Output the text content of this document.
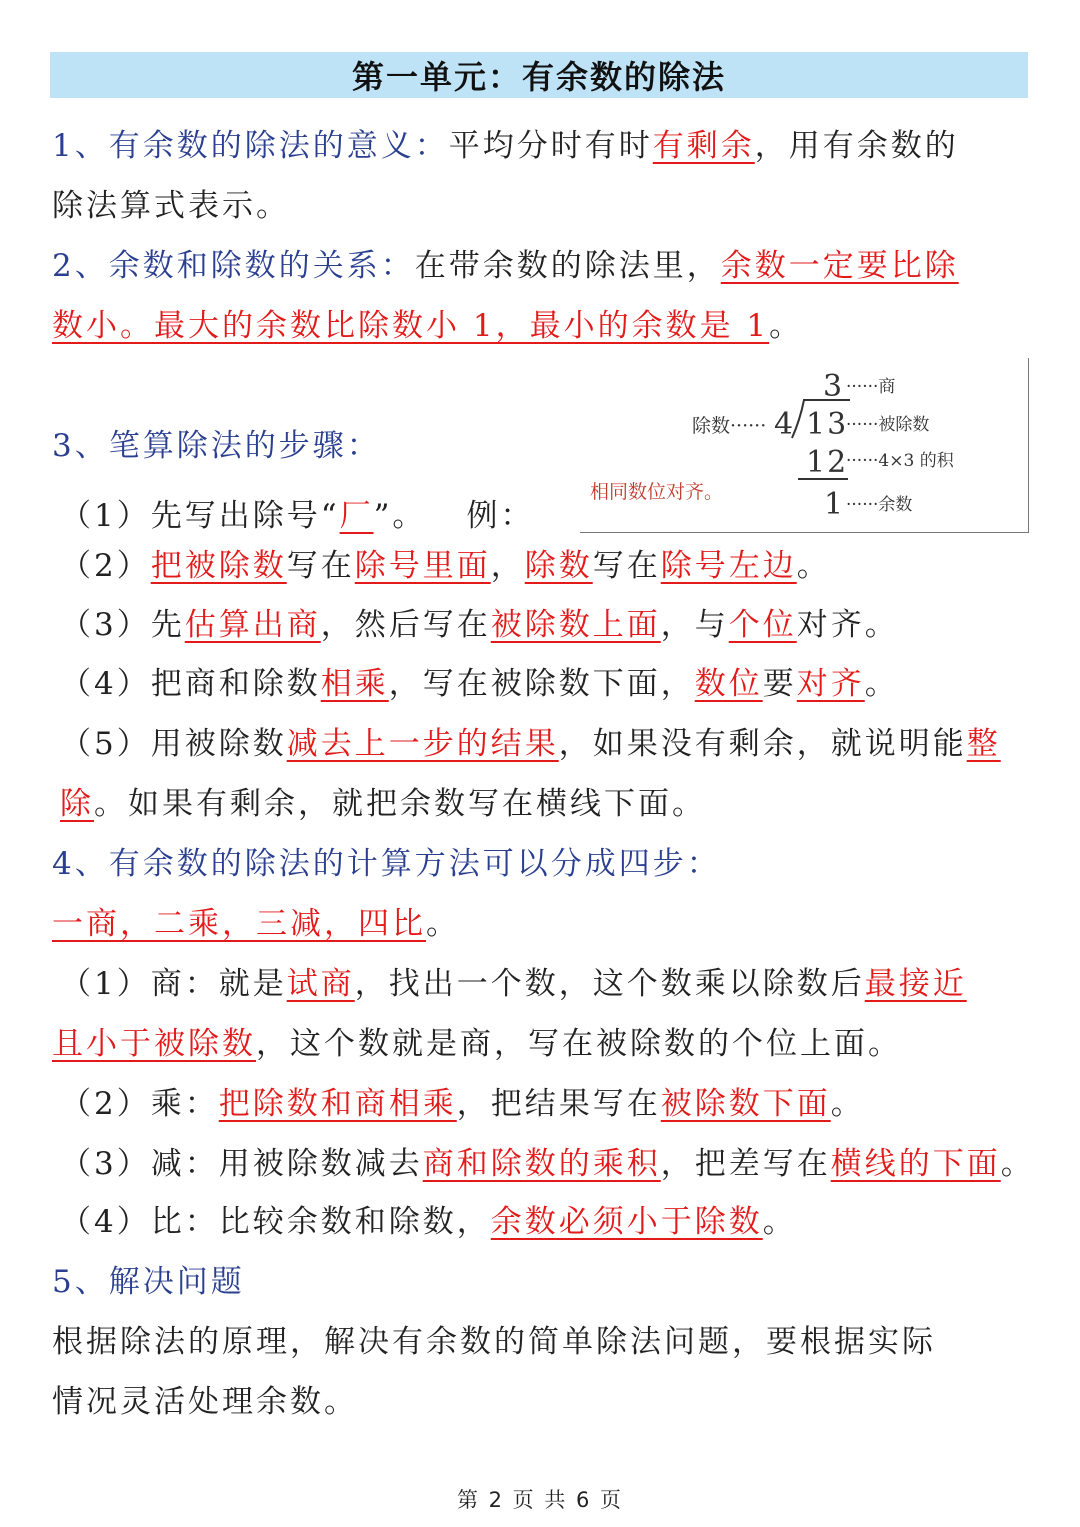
第一单元：有余数的除法
1、有余数的除法的意义：平均分时有时有剩余，用有余数的
除法算式表示。
2、余数和除数的关系：在带余数的除法里，余数一定要比除
数小。最大的余数比除数小 1，最小的余数是 1。
3、笔算除法的步骤：
（1）先写出除号“厂”。 例：
（2）把被除数写在除号里面，除数写在除号左边。
（3）先估算出商，然后写在被除数上面，与个位对齐。
（4）把商和除数相乘，写在被除数下面，数位要对齐。
（5）用被除数减去上一步的结果，如果没有剩余，就说明能整除。如果有剩余，就把余数写在横线下面。
3 ······商
除数······ 4 13
······被除数
12
······4×3 的积
1 ······余数
相同数位对齐。
4、有余数的除法的计算方法可以分成四步：
一商，二乘，三减，四比。
（1）商：就是试商，找出一个数，这个数乘以除数后最接近
且小于被除数，这个数就是商，写在被除数的个位上面。
（2）乘：把除数和商相乘，把结果写在被除数下面。
（3）减：用被除数减去商和除数的乘积，把差写在横线的下面。
（4）比：比较余数和除数，余数必须小于除数。
5、解决问题
根据除法的原理，解决有余数的简单除法问题，要根据实际
情况灵活处理余数。
第 2 页 共 6 页
